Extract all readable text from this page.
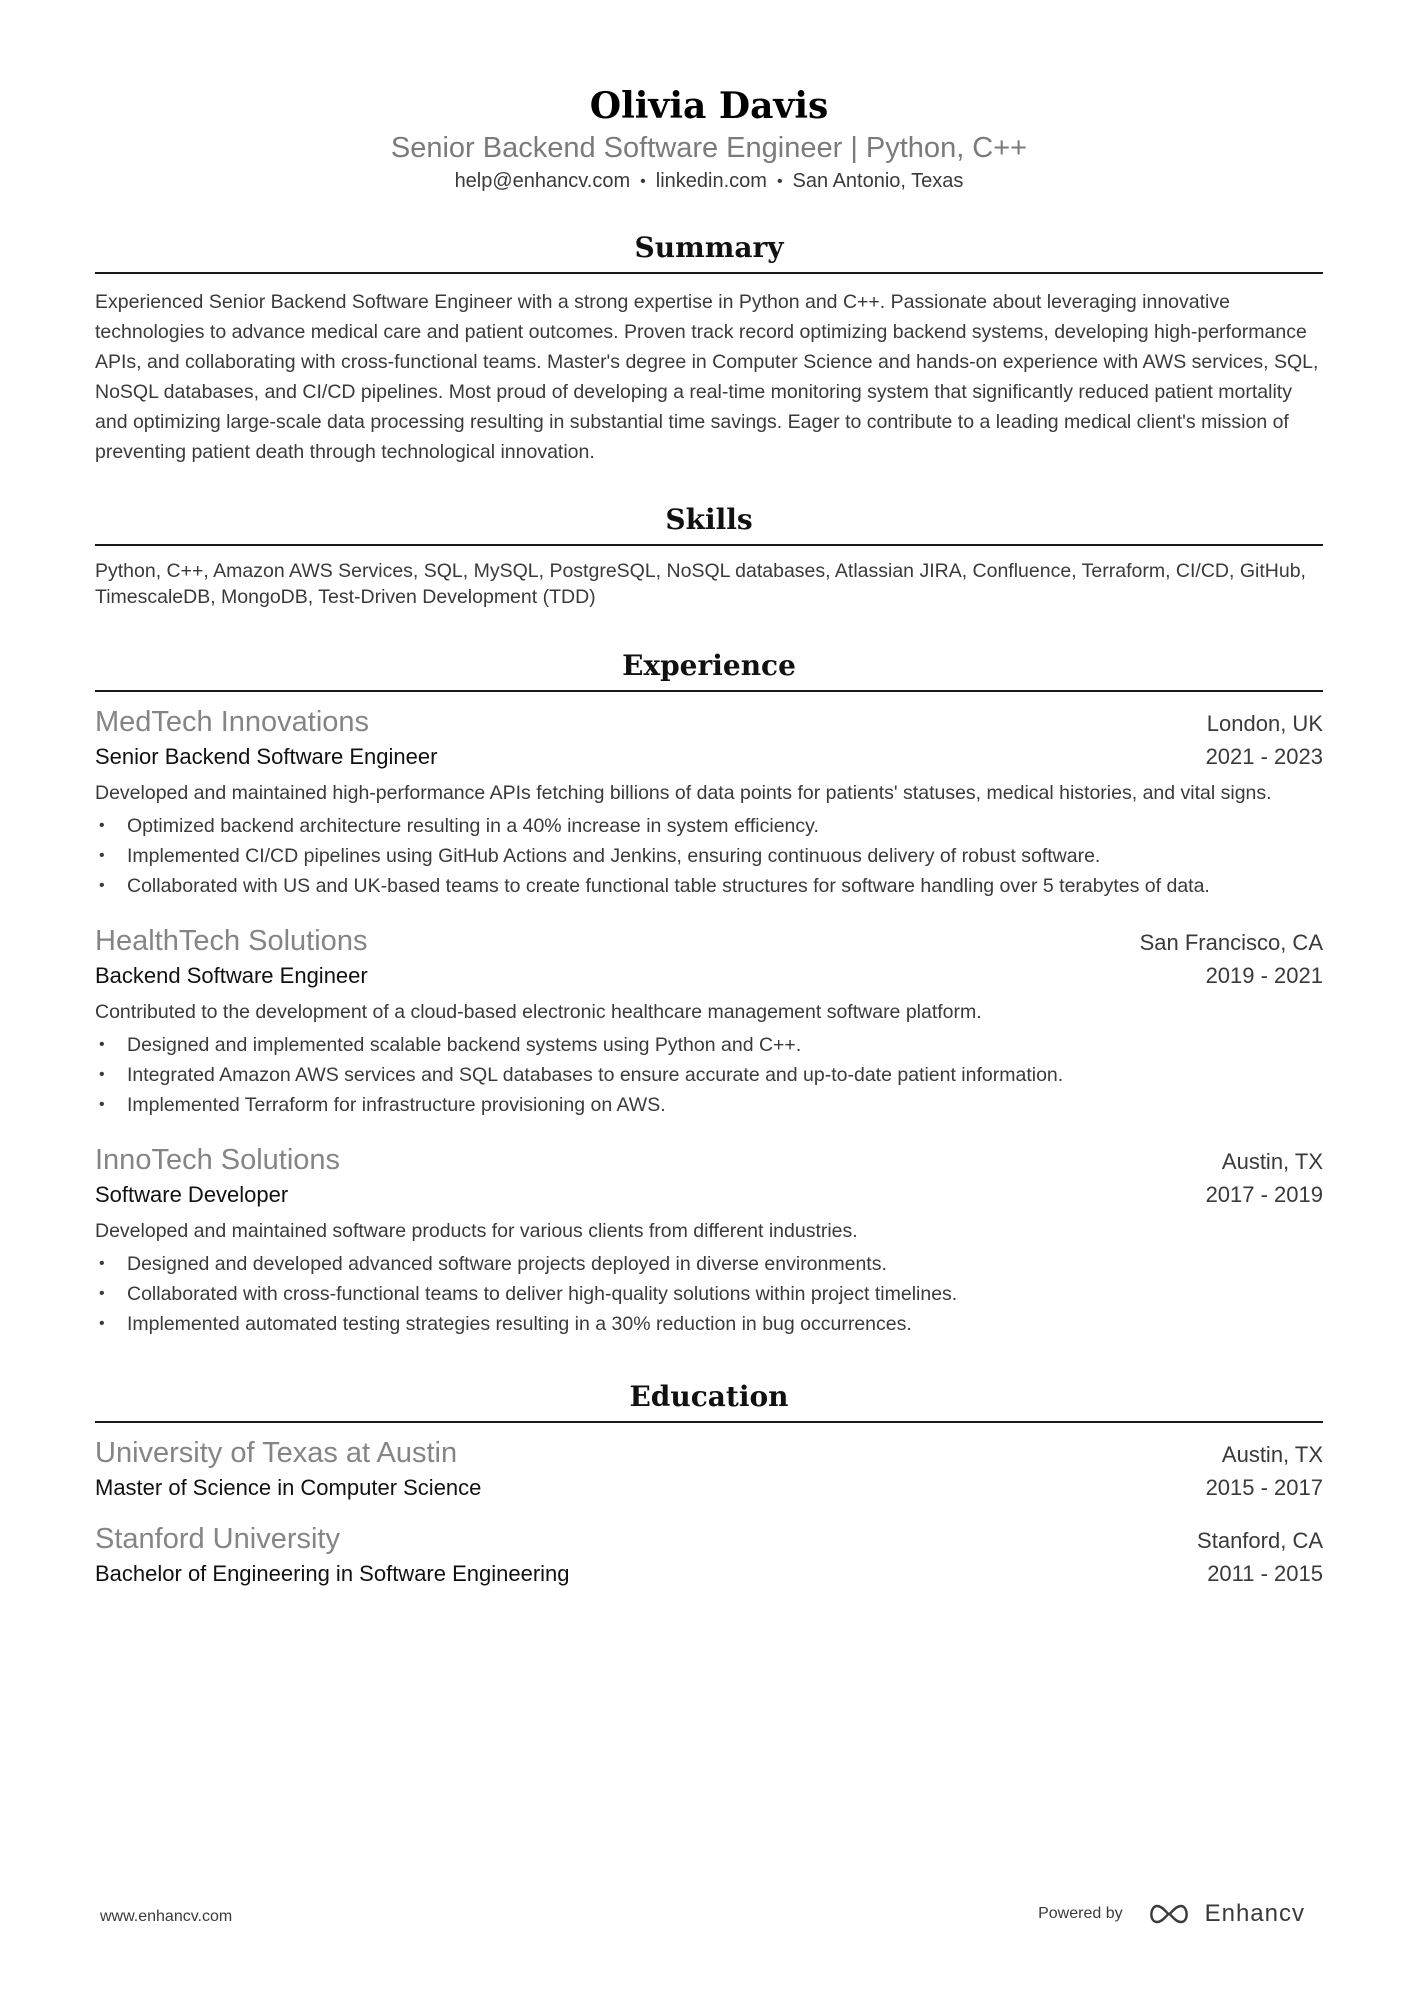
Olivia Davis
Senior Backend Software Engineer | Python, C++
help@enhancv.com • linkedin.com • San Antonio, Texas
Summary
Experienced Senior Backend Software Engineer with a strong expertise in Python and C++. Passionate about leveraging innovative technologies to advance medical care and patient outcomes. Proven track record optimizing backend systems, developing high-performance APIs, and collaborating with cross-functional teams. Master's degree in Computer Science and hands-on experience with AWS services, SQL, NoSQL databases, and CI/CD pipelines. Most proud of developing a real-time monitoring system that significantly reduced patient mortality and optimizing large-scale data processing resulting in substantial time savings. Eager to contribute to a leading medical client's mission of preventing patient death through technological innovation.
Skills
Python, C++, Amazon AWS Services, SQL, MySQL, PostgreSQL, NoSQL databases, Atlassian JIRA, Confluence, Terraform, CI/CD, GitHub, TimescaleDB, MongoDB, Test-Driven Development (TDD)
Experience
MedTech Innovations	London, UK
Senior Backend Software Engineer	2021 - 2023
Developed and maintained high-performance APIs fetching billions of data points for patients' statuses, medical histories, and vital signs.
• Optimized backend architecture resulting in a 40% increase in system efficiency.
• Implemented CI/CD pipelines using GitHub Actions and Jenkins, ensuring continuous delivery of robust software.
• Collaborated with US and UK-based teams to create functional table structures for software handling over 5 terabytes of data.
HealthTech Solutions	San Francisco, CA
Backend Software Engineer	2019 - 2021
Contributed to the development of a cloud-based electronic healthcare management software platform.
• Designed and implemented scalable backend systems using Python and C++.
• Integrated Amazon AWS services and SQL databases to ensure accurate and up-to-date patient information.
• Implemented Terraform for infrastructure provisioning on AWS.
InnoTech Solutions	Austin, TX
Software Developer	2017 - 2019
Developed and maintained software products for various clients from different industries.
• Designed and developed advanced software projects deployed in diverse environments.
• Collaborated with cross-functional teams to deliver high-quality solutions within project timelines.
• Implemented automated testing strategies resulting in a 30% reduction in bug occurrences.
Education
University of Texas at Austin	Austin, TX
Master of Science in Computer Science	2015 - 2017
Stanford University	Stanford, CA
Bachelor of Engineering in Software Engineering	2011 - 2015
www.enhancv.com	Powered by	Enhancv
